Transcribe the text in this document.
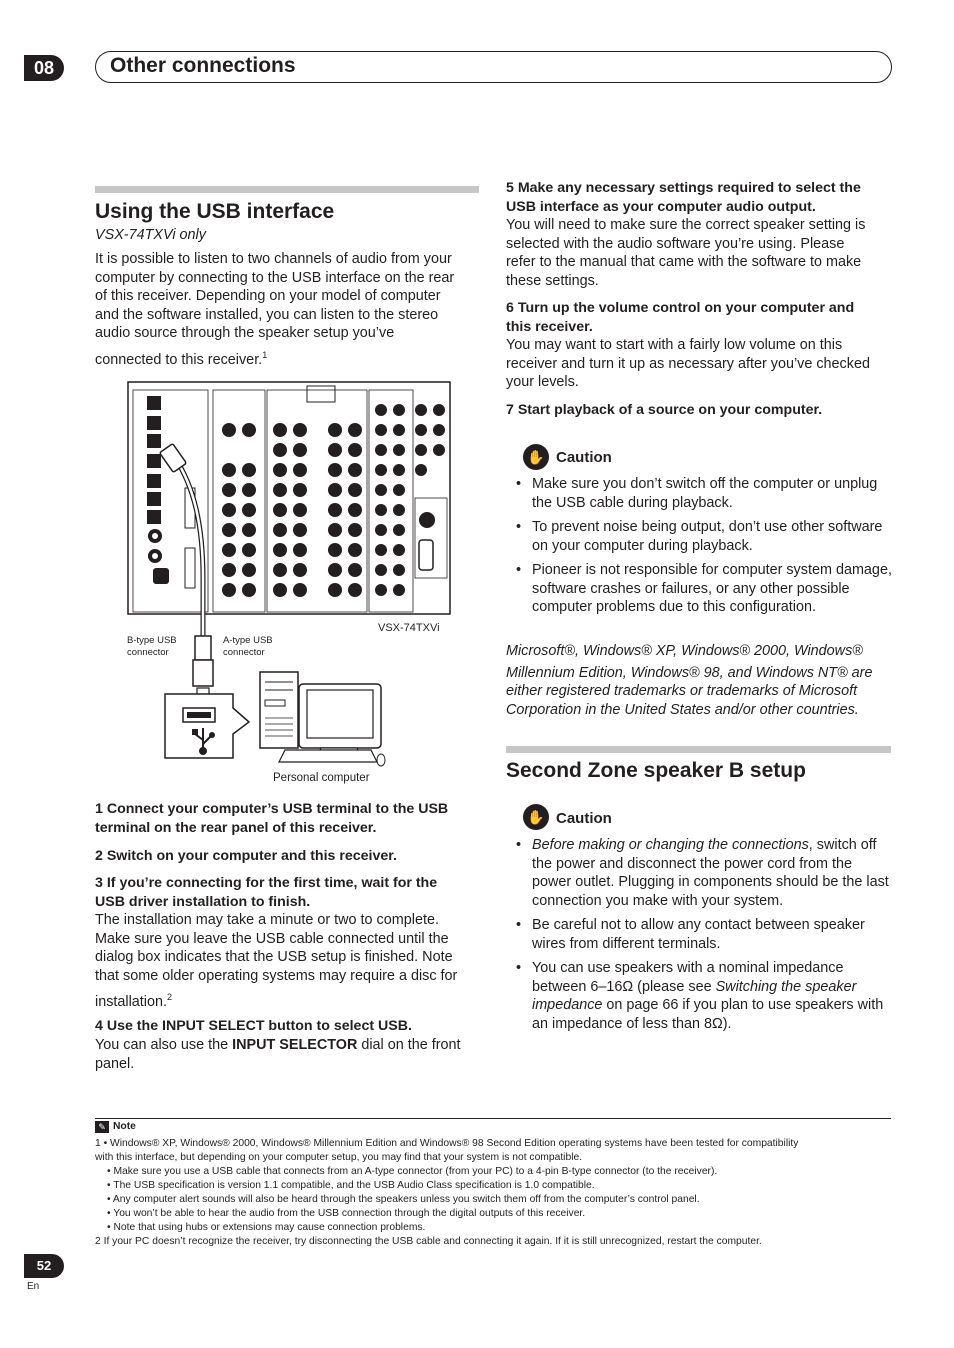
08	Other connections
Using the USB interface
VSX-74TXVi only
It is possible to listen to two channels of audio from your
computer by connecting to the USB interface on the rear
of this receiver. Depending on your model of computer
and the software installed, you can listen to the stereo
audio source through the speaker setup you’ve
connected to this receiver.$^1$
VSX-74TXVi
B-type USB
connector
A-type USB
connector
Personal computer
1 Connect your computer’s USB terminal to the USB
terminal on the rear panel of this receiver.
2 Switch on your computer and this receiver.
3 If you’re connecting for the first time, wait for the
USB driver installation to finish.
The installation may take a minute or two to complete.
Make sure you leave the USB cable connected until the
dialog box indicates that the USB setup is finished. Note
that some older operating systems may require a disc for
installation.$^2$
4 Use the INPUT SELECT button to select USB.
You can also use the INPUT SELECTOR dial on the front
panel.
5 Make any necessary settings required to select the
USB interface as your computer audio output.
You will need to make sure the correct speaker setting is
selected with the audio software you’re using. Please
refer to the manual that came with the software to make
these settings.
6 Turn up the volume control on your computer and
this receiver.
You may want to start with a fairly low volume on this
receiver and turn it up as necessary after you’ve checked
your levels.
7 Start playback of a source on your computer.
✋ Caution
• Make sure you don’t switch off the computer or unplug the USB cable during playback.
• To prevent noise being output, don’t use other software on your computer during playback.
• Pioneer is not responsible for computer system damage, software crashes or failures, or any other possible computer problems due to this configuration.
Microsoft®, Windows® XP, Windows® 2000, Windows®
Millennium Edition, Windows® 98, and Windows NT® are
either registered trademarks or trademarks of Microsoft
Corporation in the United States and/or other countries.
Second Zone speaker B setup
✋ Caution
• Before making or changing the connections, switch off the power and disconnect the power cord from the power outlet. Plugging in components should be the last connection you make with your system.
• Be careful not to allow any contact between speaker wires from different terminals.
• You can use speakers with a nominal impedance between 6–16Ω (please see Switching the speaker impedance on page 66 if you plan to use speakers with an impedance of less than 8Ω).
✎ Note
1 • Windows® XP, Windows® 2000, Windows® Millennium Edition and Windows® 98 Second Edition operating systems have been tested for compatibility
with this interface, but depending on your computer setup, you may find that your system is not compatible.
• Make sure you use a USB cable that connects from an A-type connector (from your PC) to a 4-pin B-type connector (to the receiver).
• The USB specification is version 1.1 compatible, and the USB Audio Class specification is 1.0 compatible.
• Any computer alert sounds will also be heard through the speakers unless you switch them off from the computer’s control panel.
• You won’t be able to hear the audio from the USB connection through the digital outputs of this receiver.
• Note that using hubs or extensions may cause connection problems.
2 If your PC doesn’t recognize the receiver, try disconnecting the USB cable and connecting it again. If it is still unrecognized, restart the computer.
52
En
